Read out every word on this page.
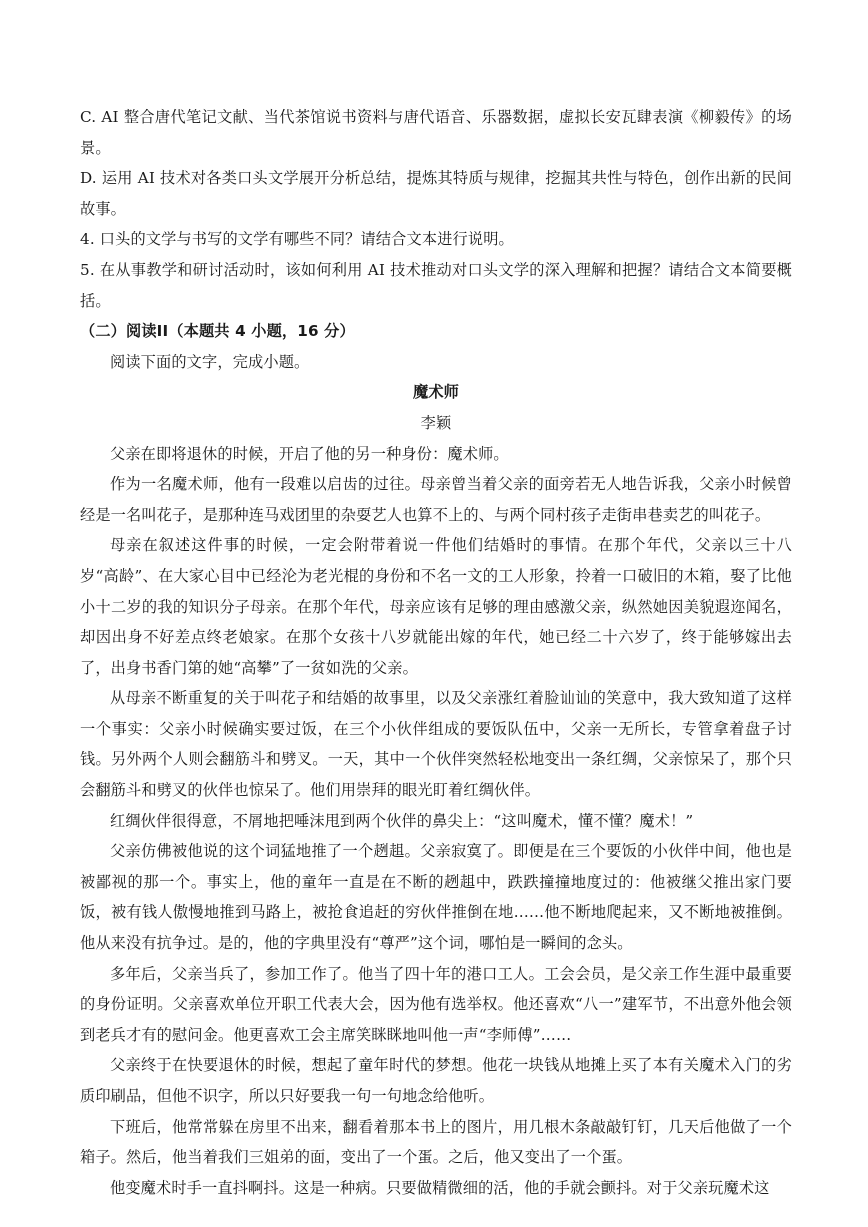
C. AI 整合唐代笔记文献、当代茶馆说书资料与唐代语音、乐器数据，虚拟长安瓦肆表演《柳毅传》的场景。

D. 运用 AI 技术对各类口头文学展开分析总结，提炼其特质与规律，挖掘其共性与特色，创作出新的民间故事。

4. 口头的文学与书写的文学有哪些不同？请结合文本进行说明。

5. 在从事教学和研讨活动时，该如何利用 AI 技术推动对口头文学的深入理解和把握？请结合文本简要概括。

（二）阅读II（本题共 4 小题，16 分）

阅读下面的文字，完成小题。

魔术师

李颖

父亲在即将退休的时候，开启了他的另一种身份：魔术师。

作为一名魔术师，他有一段难以启齿的过往。母亲曾当着父亲的面旁若无人地告诉我，父亲小时候曾经是一名叫花子，是那种连马戏团里的杂耍艺人也算不上的、与两个同村孩子走街串巷卖艺的叫花子。

母亲在叙述这件事的时候，一定会附带着说一件他们结婚时的事情。在那个年代，父亲以三十八岁“高龄”、在大家心目中已经沦为老光棍的身份和不名一文的工人形象，拎着一口破旧的木箱，娶了比他小十二岁的我的知识分子母亲。在那个年代，母亲应该有足够的理由感激父亲，纵然她因美貌遐迩闻名，却因出身不好差点终老娘家。在那个女孩十八岁就能出嫁的年代，她已经二十六岁了，终于能够嫁出去了，出身书香门第的她“高攀”了一贫如洗的父亲。

从母亲不断重复的关于叫花子和结婚的故事里，以及父亲涨红着脸讪讪的笑意中，我大致知道了这样一个事实：父亲小时候确实要过饭，在三个小伙伴组成的要饭队伍中，父亲一无所长，专管拿着盘子讨钱。另外两个人则会翻筋斗和劈叉。一天，其中一个伙伴突然轻松地变出一条红绸，父亲惊呆了，那个只会翻筋斗和劈叉的伙伴也惊呆了。他们用崇拜的眼光盯着红绸伙伴。

红绸伙伴很得意，不屑地把唾沫甩到两个伙伴的鼻尖上：“这叫魔术，懂不懂？魔术！”

父亲仿佛被他说的这个词猛地推了一个趔趄。父亲寂寞了。即便是在三个要饭的小伙伴中间，他也是被鄙视的那一个。事实上，他的童年一直是在不断的趔趄中，跌跌撞撞地度过的：他被继父推出家门要饭，被有钱人傲慢地推到马路上，被抢食追赶的穷伙伴推倒在地……他不断地爬起来，又不断地被推倒。他从来没有抗争过。是的，他的字典里没有“尊严”这个词，哪怕是一瞬间的念头。

多年后，父亲当兵了，参加工作了。他当了四十年的港口工人。工会会员，是父亲工作生涯中最重要的身份证明。父亲喜欢单位开职工代表大会，因为他有选举权。他还喜欢“八一”建军节，不出意外他会领到老兵才有的慰问金。他更喜欢工会主席笑眯眯地叫他一声“李师傅”……

父亲终于在快要退休的时候，想起了童年时代的梦想。他花一块钱从地摊上买了本有关魔术入门的劣质印刷品，但他不识字，所以只好要我一句一句地念给他听。

下班后，他常常躲在房里不出来，翻看着那本书上的图片，用几根木条敲敲钉钉，几天后他做了一个箱子。然后，他当着我们三姐弟的面，变出了一个蛋。之后，他又变出了一个蛋。

他变魔术时手一直抖啊抖。这是一种病。只要做精微细的活，他的手就会颤抖。对于父亲玩魔术这
